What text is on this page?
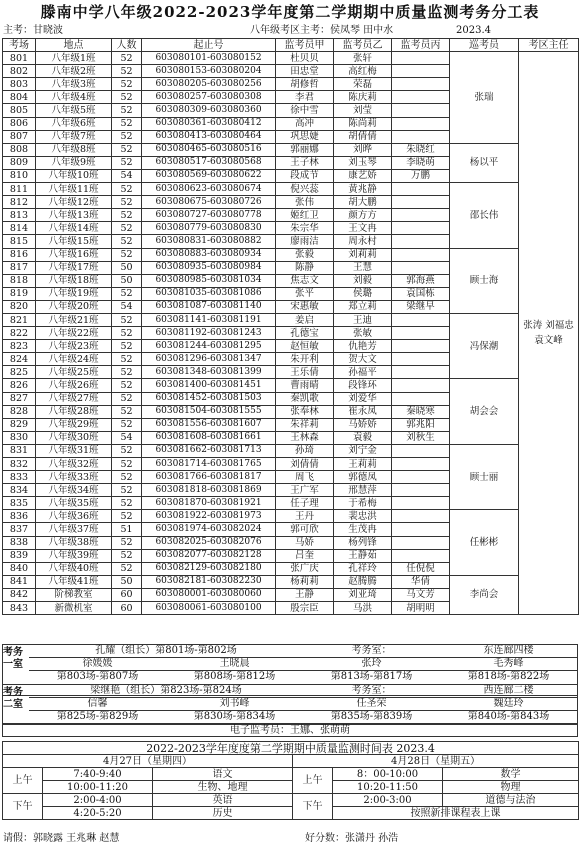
滕南中学八年级2022-2023学年度第二学期期中质量监测考务分工表
主考：甘晓波	八年级考区主考：侯凤琴 田中水	2023.4
考场	地点	人数	起止号	监考员甲	监考员乙	监考员丙	巡考员	考区主任
801	八年级1班	52	603080101-603080152	杜贝贝	张轩		张瑞	张涛 刘福忠 袁文峰
802	八年级2班	52	603080153-603080204	田忠堂	高红梅			
803	八年级3班	52	603080205-603080256	胡修哲	荣磊			
804	八年级4班	52	603080257-603080308	李君	陈庆莉			
805	八年级5班	52	603080309-603080360	徐中雪	刘莹			
806	八年级6班	52	603080361-603080412	高冲	陈尚莉			
807	八年级7班	52	603080413-603080464	巩思婕	胡倩倩			
808	八年级8班	52	603080465-603080516	郭丽娜	刘晔	朱晓红	杨以平	
809	八年级9班	52	603080517-603080568	王子林	刘玉琴	李晓萌		
810	八年级10班	54	603080569-603080622	段成节	康艺娇	万鹏		
811	八年级11班	52	603080623-603080674	倪兴蕊	黄兆静		邵长伟	
812	八年级12班	52	603080675-603080726	张伟	胡大鹏			
813	八年级13班	52	603080727-603080778	姬红卫	颜方方			
814	八年级14班	52	603080779-603080830	朱宗华	王文冉			
815	八年级15班	52	603080831-603080882	廖雨洁	周永村			
816	八年级16班	52	603080883-603080934	张毅	刘莉莉		顾士海	
817	八年级17班	50	603080935-603080984	陈静	王慧			
818	八年级18班	50	603080985-603081034	焦志文	刘毅	郭海燕		
819	八年级19班	52	603081035-603081086	张平	侯璐	袁国栋		
820	八年级20班	54	603081087-603081140	宋惠敏	郑立莉	梁继早		
821	八年级21班	52	603081141-603081191	姜启	王迪		冯保潮	
822	八年级22班	52	603081192-603081243	孔德宝	张敏			
823	八年级23班	52	603081244-603081295	赵恒敏	仇艳芳			
824	八年级24班	52	603081296-603081347	朱开利	贺大文			
825	八年级25班	52	603081348-603081399	王乐倩	孙福平			
826	八年级26班	52	603081400-603081451	曹雨晴	段锋环		胡会会	
827	八年级27班	52	603081452-603081503	秦凯歌	刘爱华			
828	八年级28班	52	603081504-603081555	张奉林	崔永凤	秦晓寒		
829	八年级29班	52	603081556-603081607	朱祥莉	马娇娇	郭兆阳		
830	八年级30班	54	603081608-603081661	王林森	袁毅	刘秋生		
831	八年级31班	52	603081662-603081713	孙琦	刘宁金		顾士丽	
832	八年级32班	52	603081714-603081765	刘倩倩	王莉莉			
833	八年级33班	52	603081766-603081817	周飞	郭德凤			
834	八年级34班	52	603081818-603081869	王广军	邢慧萍			
835	八年级35班	52	603081870-603081921	任子理	于希梅			
836	八年级36班	52	603081922-603081973	王丹	裴忠洪		任彬彬	
837	八年级37班	51	603081974-603082024	郭可欣	生茂冉			
838	八年级38班	52	603082025-603082076	马娇	杨列锋			
839	八年级39班	52	603082077-603082128	吕奎	王静茹			
840	八年级40班	52	603082129-603082180	张广庆	孔祥玲	任倪倪		
841	八年级41班	50	603082181-603082230	杨莉莉	赵腾腾	华倩	李尚会	
842	阶梯教室	60	603080001-603080060	王静	刘亚琦	马文芳		
843	新微机室	60	603080061-603080100	殷宗臣	马洪	胡明明		
考务一室
孔耀（组长）第801场-第802场	考务室：	东连廊四楼
徐媛媛	王晓晨	张玲	毛秀峰
第803场-第807场	第808场-第812场	第813场-第817场	第818场-第822场
考务二室
梁继艳（组长）第823场-第824场	考务室：	西连廊二楼
信馨	刘书峰	任圣荣	魏廷玲
第825场-第829场	第830场-第834场	第835场-第839场	第840场-第843场
电子监考员：王娜、张萌萌
2022-2023学年度度第二学期期中质量监测时间表 2023.4					
4月27日（星期四）			4月28日（星期五）		
上午	7:40-9:40	语文	上午	8：00-10:00	数学
	10:00-11:20	生物、地理		10:20-11:50	物理
下午	2:00-4:00	英语	下午	2:00-3:00	道德与法治
	4:20-5:20	历史		按照新排课程表上课	
请假：郭晓露 王兆琳 赵慧	好分数：张潇丹 孙浩
